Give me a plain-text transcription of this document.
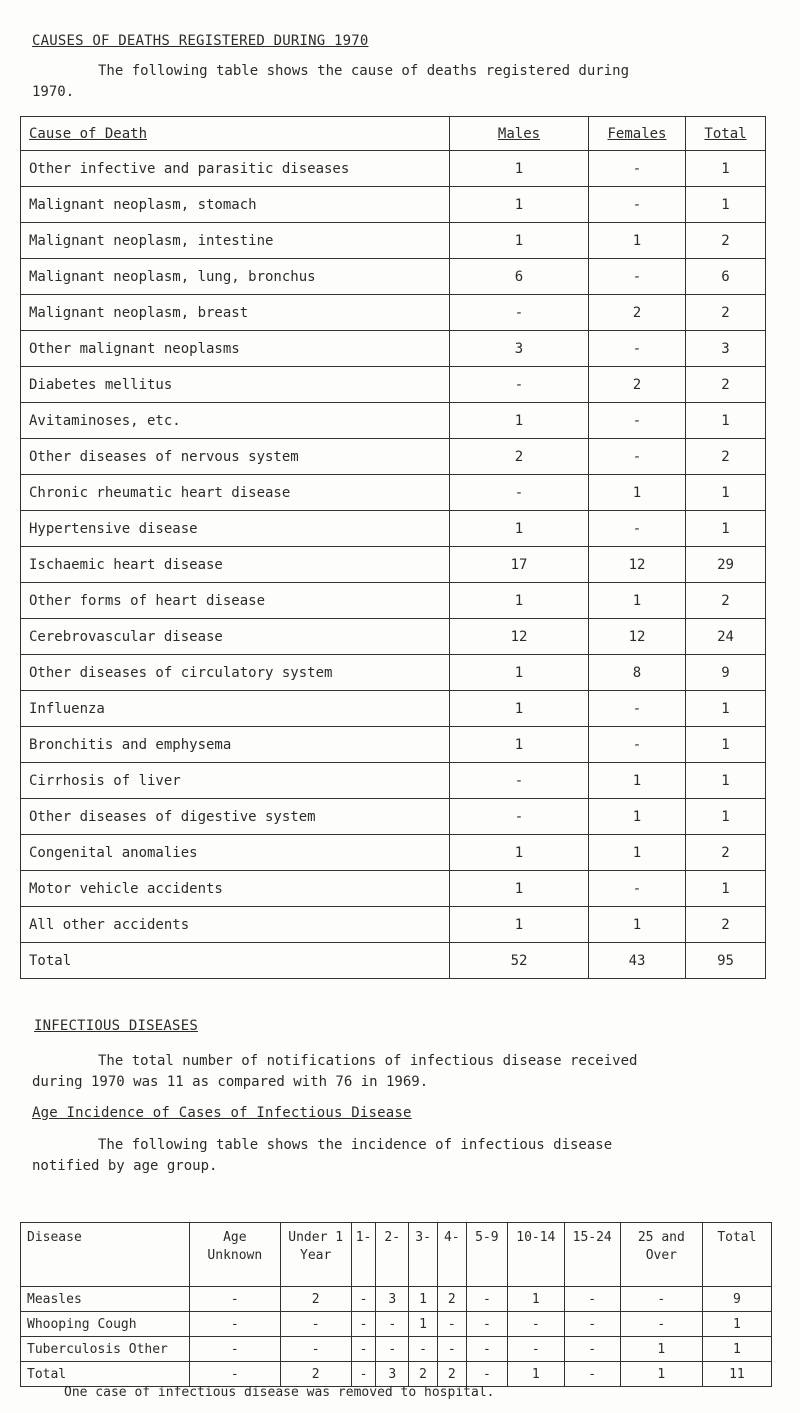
CAUSES OF DEATHS REGISTERED DURING 1970
The following table shows the cause of deaths registered during
1970.
Cause of Death	Males	Females	Total
Other infective and parasitic diseases	1	-	1
Malignant neoplasm, stomach	1	-	1
Malignant neoplasm, intestine	1	1	2
Malignant neoplasm, lung, bronchus	6	-	6
Malignant neoplasm, breast	-	2	2
Other malignant neoplasms	3	-	3
Diabetes mellitus	-	2	2
Avitaminoses, etc.	1	-	1
Other diseases of nervous system	2	-	2
Chronic rheumatic heart disease	-	1	1
Hypertensive disease	1	-	1
Ischaemic heart disease	17	12	29
Other forms of heart disease	1	1	2
Cerebrovascular disease	12	12	24
Other diseases of circulatory system	1	8	9
Influenza	1	-	1
Bronchitis and emphysema	1	-	1
Cirrhosis of liver	-	1	1
Other diseases of digestive system	-	1	1
Congenital anomalies	1	1	2
Motor vehicle accidents	1	-	1
All other accidents	1	1	2
Total	52	43	95
INFECTIOUS DISEASES
The total number of notifications of infectious disease received
during 1970 was 11 as compared with 76 in 1969.
Age Incidence of Cases of Infectious Disease
The following table shows the incidence of infectious disease
notified by age group.
Disease	Age Unknown	Under 1 Year	1-	2-	3-	4-	5-9	10-14	15-24	25 and Over	Total
Measles	-	2	-	3	1	2	-	1	-	-	9
Whooping Cough	-	-	-	-	1	-	-	-	-	-	1
Tuberculosis Other	-	-	-	-	-	-	-	-	-	1	1
Total	-	2	-	3	2	2	-	1	-	1	11
One case of infectious disease was removed to hospital.
